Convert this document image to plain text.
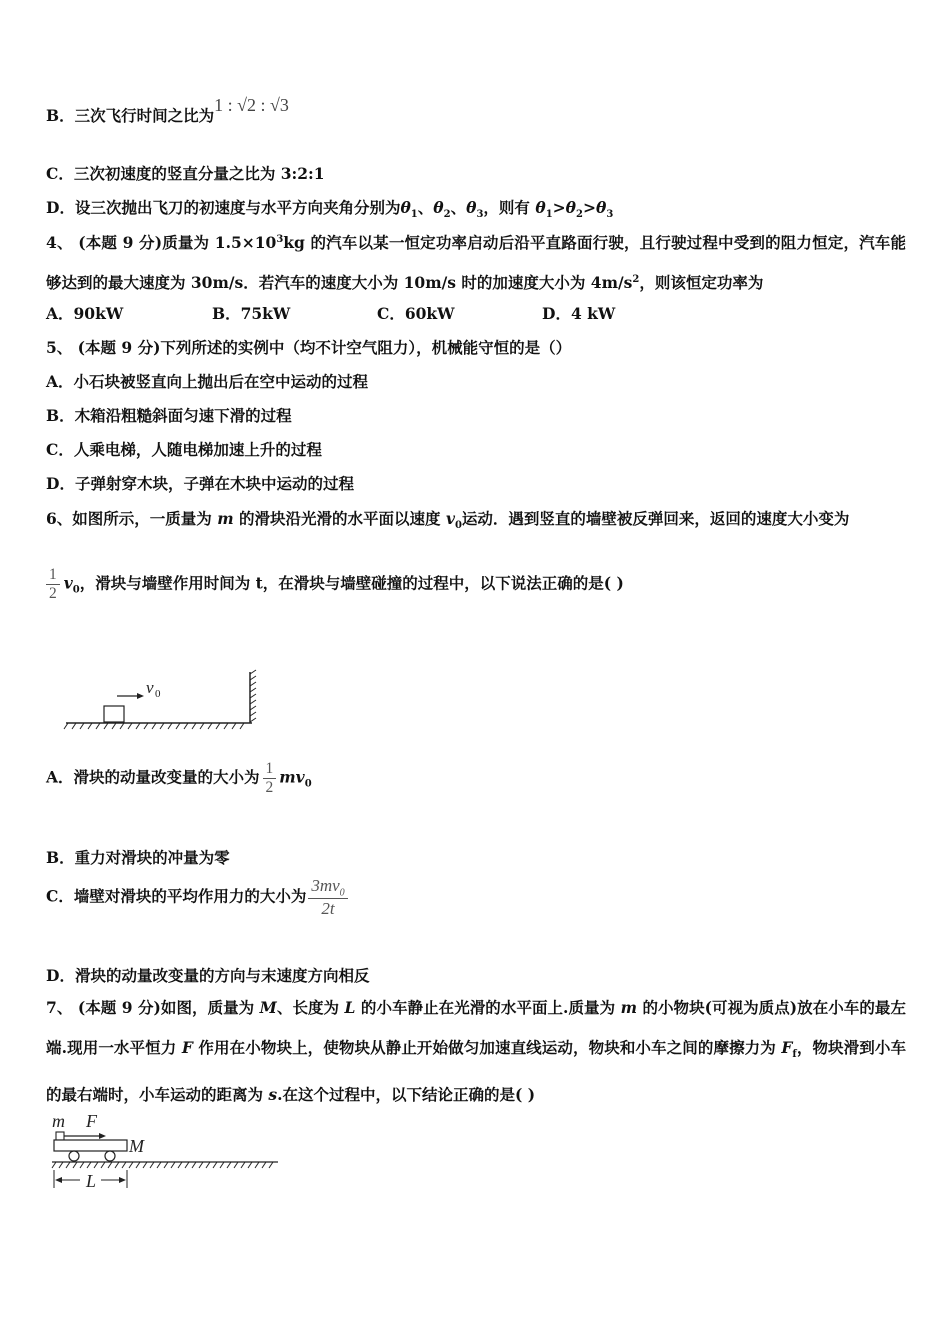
B．三次飞行时间之比为1 : √2 : √3
C．三次初速度的竖直分量之比为 3:2:1
D．设三次抛出飞刀的初速度与水平方向夹角分别为$\theta_1$、$\theta_2$、$\theta_3$，则有 $\theta_1>\theta_2>\theta_3$
4、 (本题 9 分)质量为 $1.5\times 10^3kg$ 的汽车以某一恒定功率启动后沿平直路面行驶，且行驶过程中受到的阻力恒定，汽车能够达到的最大速度为 30m/s．若汽车的速度大小为 10m/s 时的加速度大小为 $4m/s^2$，则该恒定功率为
A．90kW	B．75kW	C．60kW	D．4 kW
5、 (本题 9 分)下列所述的实例中（均不计空气阻力），机械能守恒的是（）
A．小石块被竖直向上抛出后在空中运动的过程
B．木箱沿粗糙斜面匀速下滑的过程
C．人乘电梯，人随电梯加速上升的过程
D．子弹射穿木块，子弹在木块中运动的过程
6、如图所示，一质量为 m 的滑块沿光滑的水平面以速度 $v_0$运动．遇到竖直的墙壁被反弹回来，返回的速度大小变为
$\frac{1}{2} v_0$，滑块与墙壁作用时间为 t，在滑块与墙壁碰撞的过程中，以下说法正确的是( )
v 0
A．滑块的动量改变量的大小为 $\frac{1}{2} mv_0$
B．重力对滑块的冲量为零
C．墙壁对滑块的平均作用力的大小为 $\frac{3mv_0}{2t}$
D．滑块的动量改变量的方向与末速度方向相反
7、 (本题 9 分)如图，质量为 M、长度为 L 的小车静止在光滑的水平面上.质量为 m 的小物块(可视为质点)放在小车的最左端.现用一水平恒力 F 作用在小物块上，使物块从静止开始做匀加速直线运动，物块和小车之间的摩擦力为 $F_f$，物块滑到小车的最右端时，小车运动的距离为 s.在这个过程中，以下结论正确的是( )
m F
M
L
